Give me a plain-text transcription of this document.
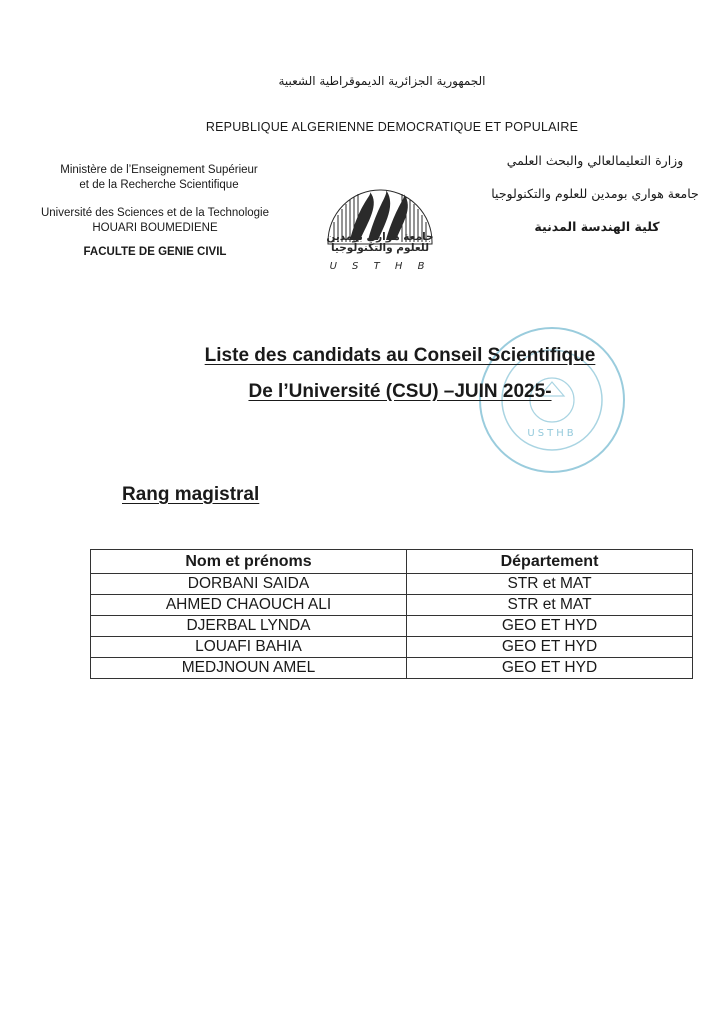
الجمهورية الجزائرية الديموقراطية الشعبية
REPUBLIQUE ALGERIENNE DEMOCRATIQUE ET POPULAIRE
Ministère de l’Enseignement Supérieur
et de la Recherche Scientifique
Université des Sciences et de la Technologie
HOUARI BOUMEDIENE
FACULTE DE GENIE CIVIL
وزارة التعليمالعالي والبحث العلمي
جامعة هواري بومدين للعلوم والتكنولوجيا
كلية الهندسة المدنية
جامعة هواري بومدين
للعلوم والتكنولوجيا
U S T H B
USTHB
Liste des candidats au Conseil Scientifique
De l’Université (CSU) –JUIN 2025-
Rang magistral
Nom et prénoms	Département
DORBANI SAIDA	STR et MAT
AHMED CHAOUCH ALI	STR et MAT
DJERBAL LYNDA	GEO ET HYD
LOUAFI BAHIA	GEO ET HYD
MEDJNOUN AMEL	GEO ET HYD
